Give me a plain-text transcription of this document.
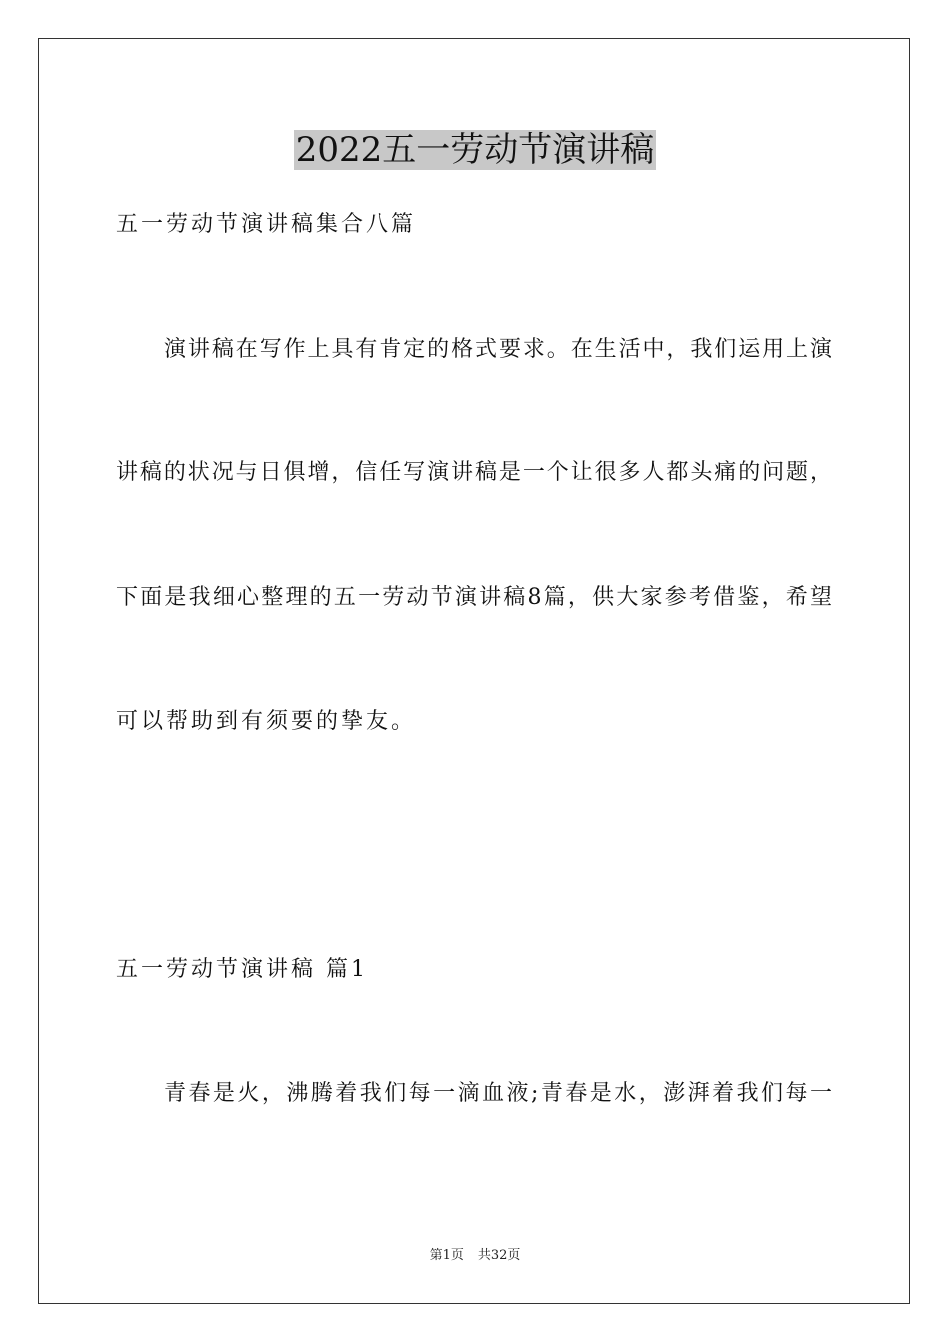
2022五一劳动节演讲稿
五一劳动节演讲稿集合八篇
演讲稿在写作上具有肯定的格式要求。在生活中，我们运用上演
讲稿的状况与日俱增，信任写演讲稿是一个让很多人都头痛的问题，
下面是我细心整理的五一劳动节演讲稿8篇，供大家参考借鉴，希望
可以帮助到有须要的挚友。
五一劳动节演讲稿 篇1
青春是火，沸腾着我们每一滴血液;青春是水，澎湃着我们每一
第1页 共32页
